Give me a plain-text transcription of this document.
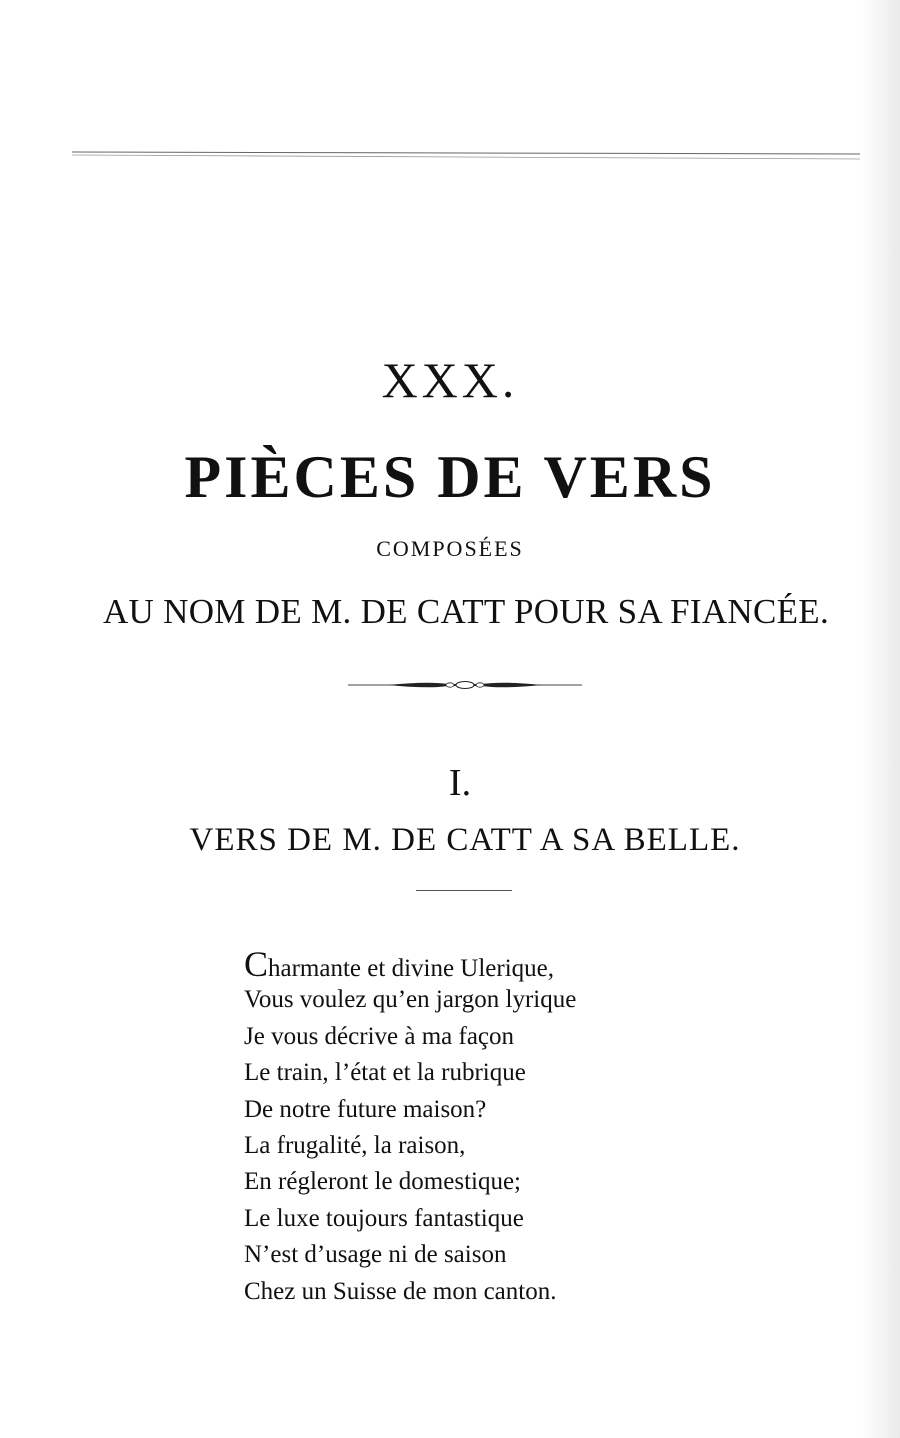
XXX.
PIÈCES DE VERS
COMPOSÉES
AU NOM DE M. DE CATT POUR SA FIANCÉE.
I.
VERS DE M. DE CATT A SA BELLE.
Charmante et divine Ulerique,
Vous voulez qu’en jargon lyrique
Je vous décrive à ma façon
Le train, l’état et la rubrique
De notre future maison?
La frugalité, la raison,
En régleront le domestique;
Le luxe toujours fantastique
N’est d’usage ni de saison
Chez un Suisse de mon canton.
